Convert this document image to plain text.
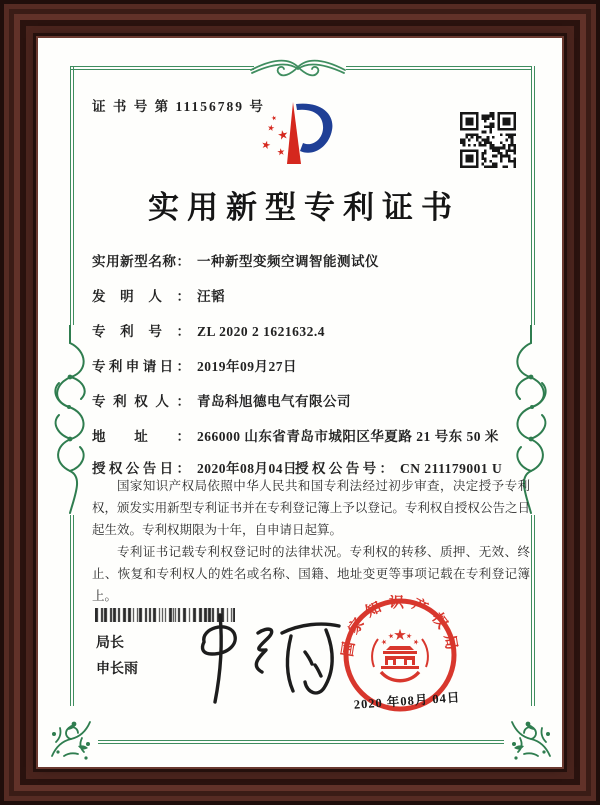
证 书 号 第 11156789 号
实用新型专利证书
实用新型名称： 一种新型变频空调智能测试仪
发明人： 汪韬
专利号： ZL 2020 2 1621632.4
专利申请日： 2019年09月27日
专利权人： 青岛科旭德电气有限公司
地址： 266000 山东省青岛市城阳区华夏路 21 号东 50 米
授权公告日： 2020年08月04日
授权公告号： CN 211179001 U

国家知识产权局依照中华人民共和国专利法经过初步审查，决定授予专利权，颁发实用新型专利证书并在专利登记簿上予以登记。专利权自授权公告之日起生效。专利权期限为十年，自申请日起算。

专利证书记载专利权登记时的法律状况。专利权的转移、质押、无效、终止、恢复和专利权人的姓名或名称、国籍、地址变更等事项记载在专利登记簿上。

局长
申长雨
国家知识产权局
2020 年08月 04日
